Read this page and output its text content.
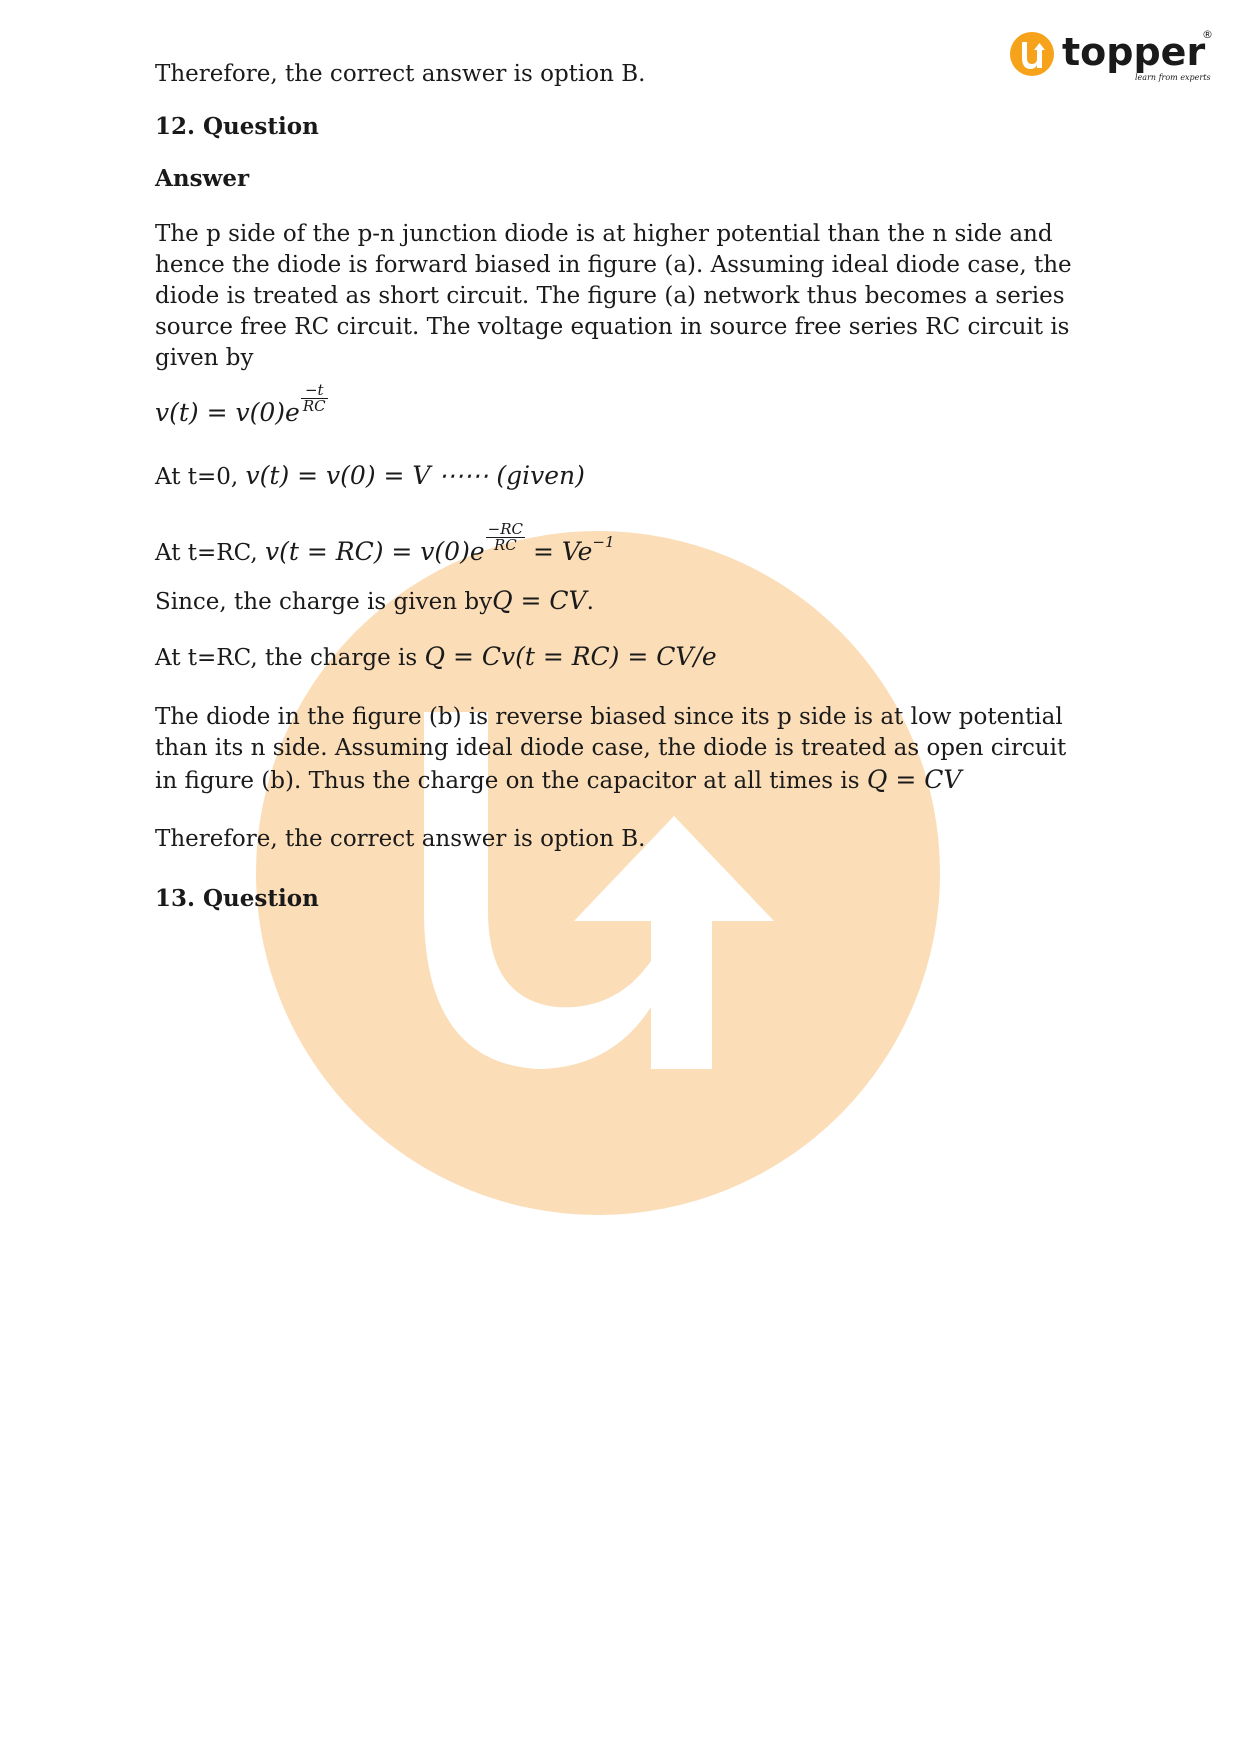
topper
®
learn from experts
Therefore, the correct answer is option B.
12. Question
Answer
The p side of the p-n junction diode is at higher potential than the n side and hence the diode is forward biased in figure (a). Assuming ideal diode case, the diode is treated as short circuit. The figure (a) network thus becomes a series source free RC circuit. The voltage equation in source free series RC circuit is given by
$v(t) = v(0)e \frac{-t}{RC}$
At t=0, v(t) = v(0) = V ⋯⋯ (given)
At t=RC, $v(t = RC) = v(0)e \frac{-RC}{RC} = Ve^{-1}$
Since, the charge is given byQ = CV.
At t=RC, the charge is Q = Cv(t = RC) = CV/e
The diode in the figure (b) is reverse biased since its p side is at low potential than its n side. Assuming ideal diode case, the diode is treated as open circuit in figure (b). Thus the charge on the capacitor at all times is Q = CV
Therefore, the correct answer is option B.
13. Question
